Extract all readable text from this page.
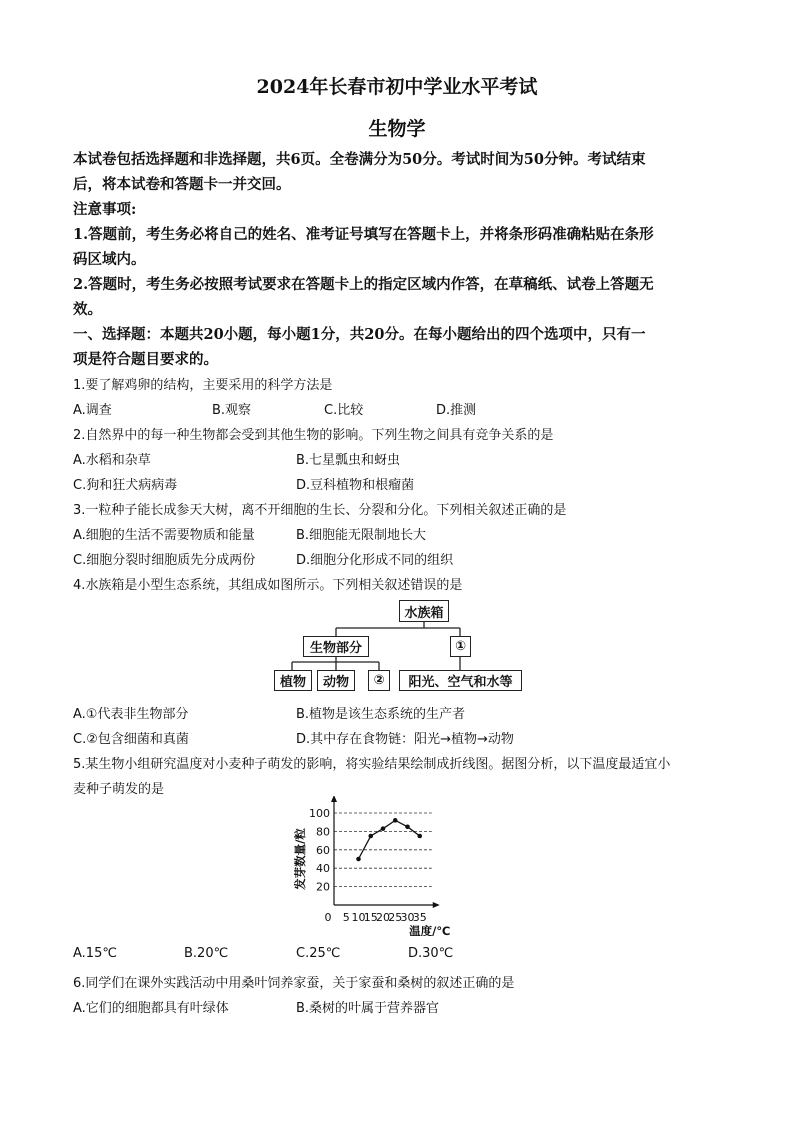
2024年长春市初中学业水平考试
生物学
本试卷包括选择题和非选择题，共6页。全卷满分为50分。考试时间为50分钟。考试结束
后，将本试卷和答题卡一并交回。
注意事项:
1.答题前，考生务必将自己的姓名、准考证号填写在答题卡上，并将条形码准确粘贴在条形
码区域内。
2.答题时，考生务必按照考试要求在答题卡上的指定区域内作答，在草稿纸、试卷上答题无
效。
一、选择题：本题共20小题，每小题1分，共20分。在每小题给出的四个选项中，只有一
项是符合题目要求的。
1.要了解鸡卵的结构，主要采用的科学方法是
A.调查	B.观察	C.比较	D.推测
2.自然界中的每一种生物都会受到其他生物的影响。下列生物之间具有竞争关系的是
A.水稻和杂草	B.七星瓢虫和蚜虫
C.狗和狂犬病病毒	D.豆科植物和根瘤菌
3.一粒种子能长成参天大树，离不开细胞的生长、分裂和分化。下列相关叙述正确的是
A.细胞的生活不需要物质和能量	B.细胞能无限制地长大
C.细胞分裂时细胞质先分成两份	D.细胞分化形成不同的组织
4.水族箱是小型生态系统，其组成如图所示。下列相关叙述错误的是
水族箱
生物部分	①
植物	动物	②	阳光、空气和水等
A.①代表非生物部分	B.植物是该生态系统的生产者
C.②包含细菌和真菌	D.其中存在食物链：阳光→植物→动物
5.某生物小组研究温度对小麦种子萌发的影响，将实验结果绘制成折线图。据图分析，以下温度最适宜小
麦种子萌发的是
20
40
60
80
100
0 5 10
15
20
25
30
35
温度/℃
发芽数量/粒
A.15℃	B.20℃	C.25℃	D.30℃
6.同学们在课外实践活动中用桑叶饲养家蚕，关于家蚕和桑树的叙述正确的是
A.它们的细胞都具有叶绿体	B.桑树的叶属于营养器官
